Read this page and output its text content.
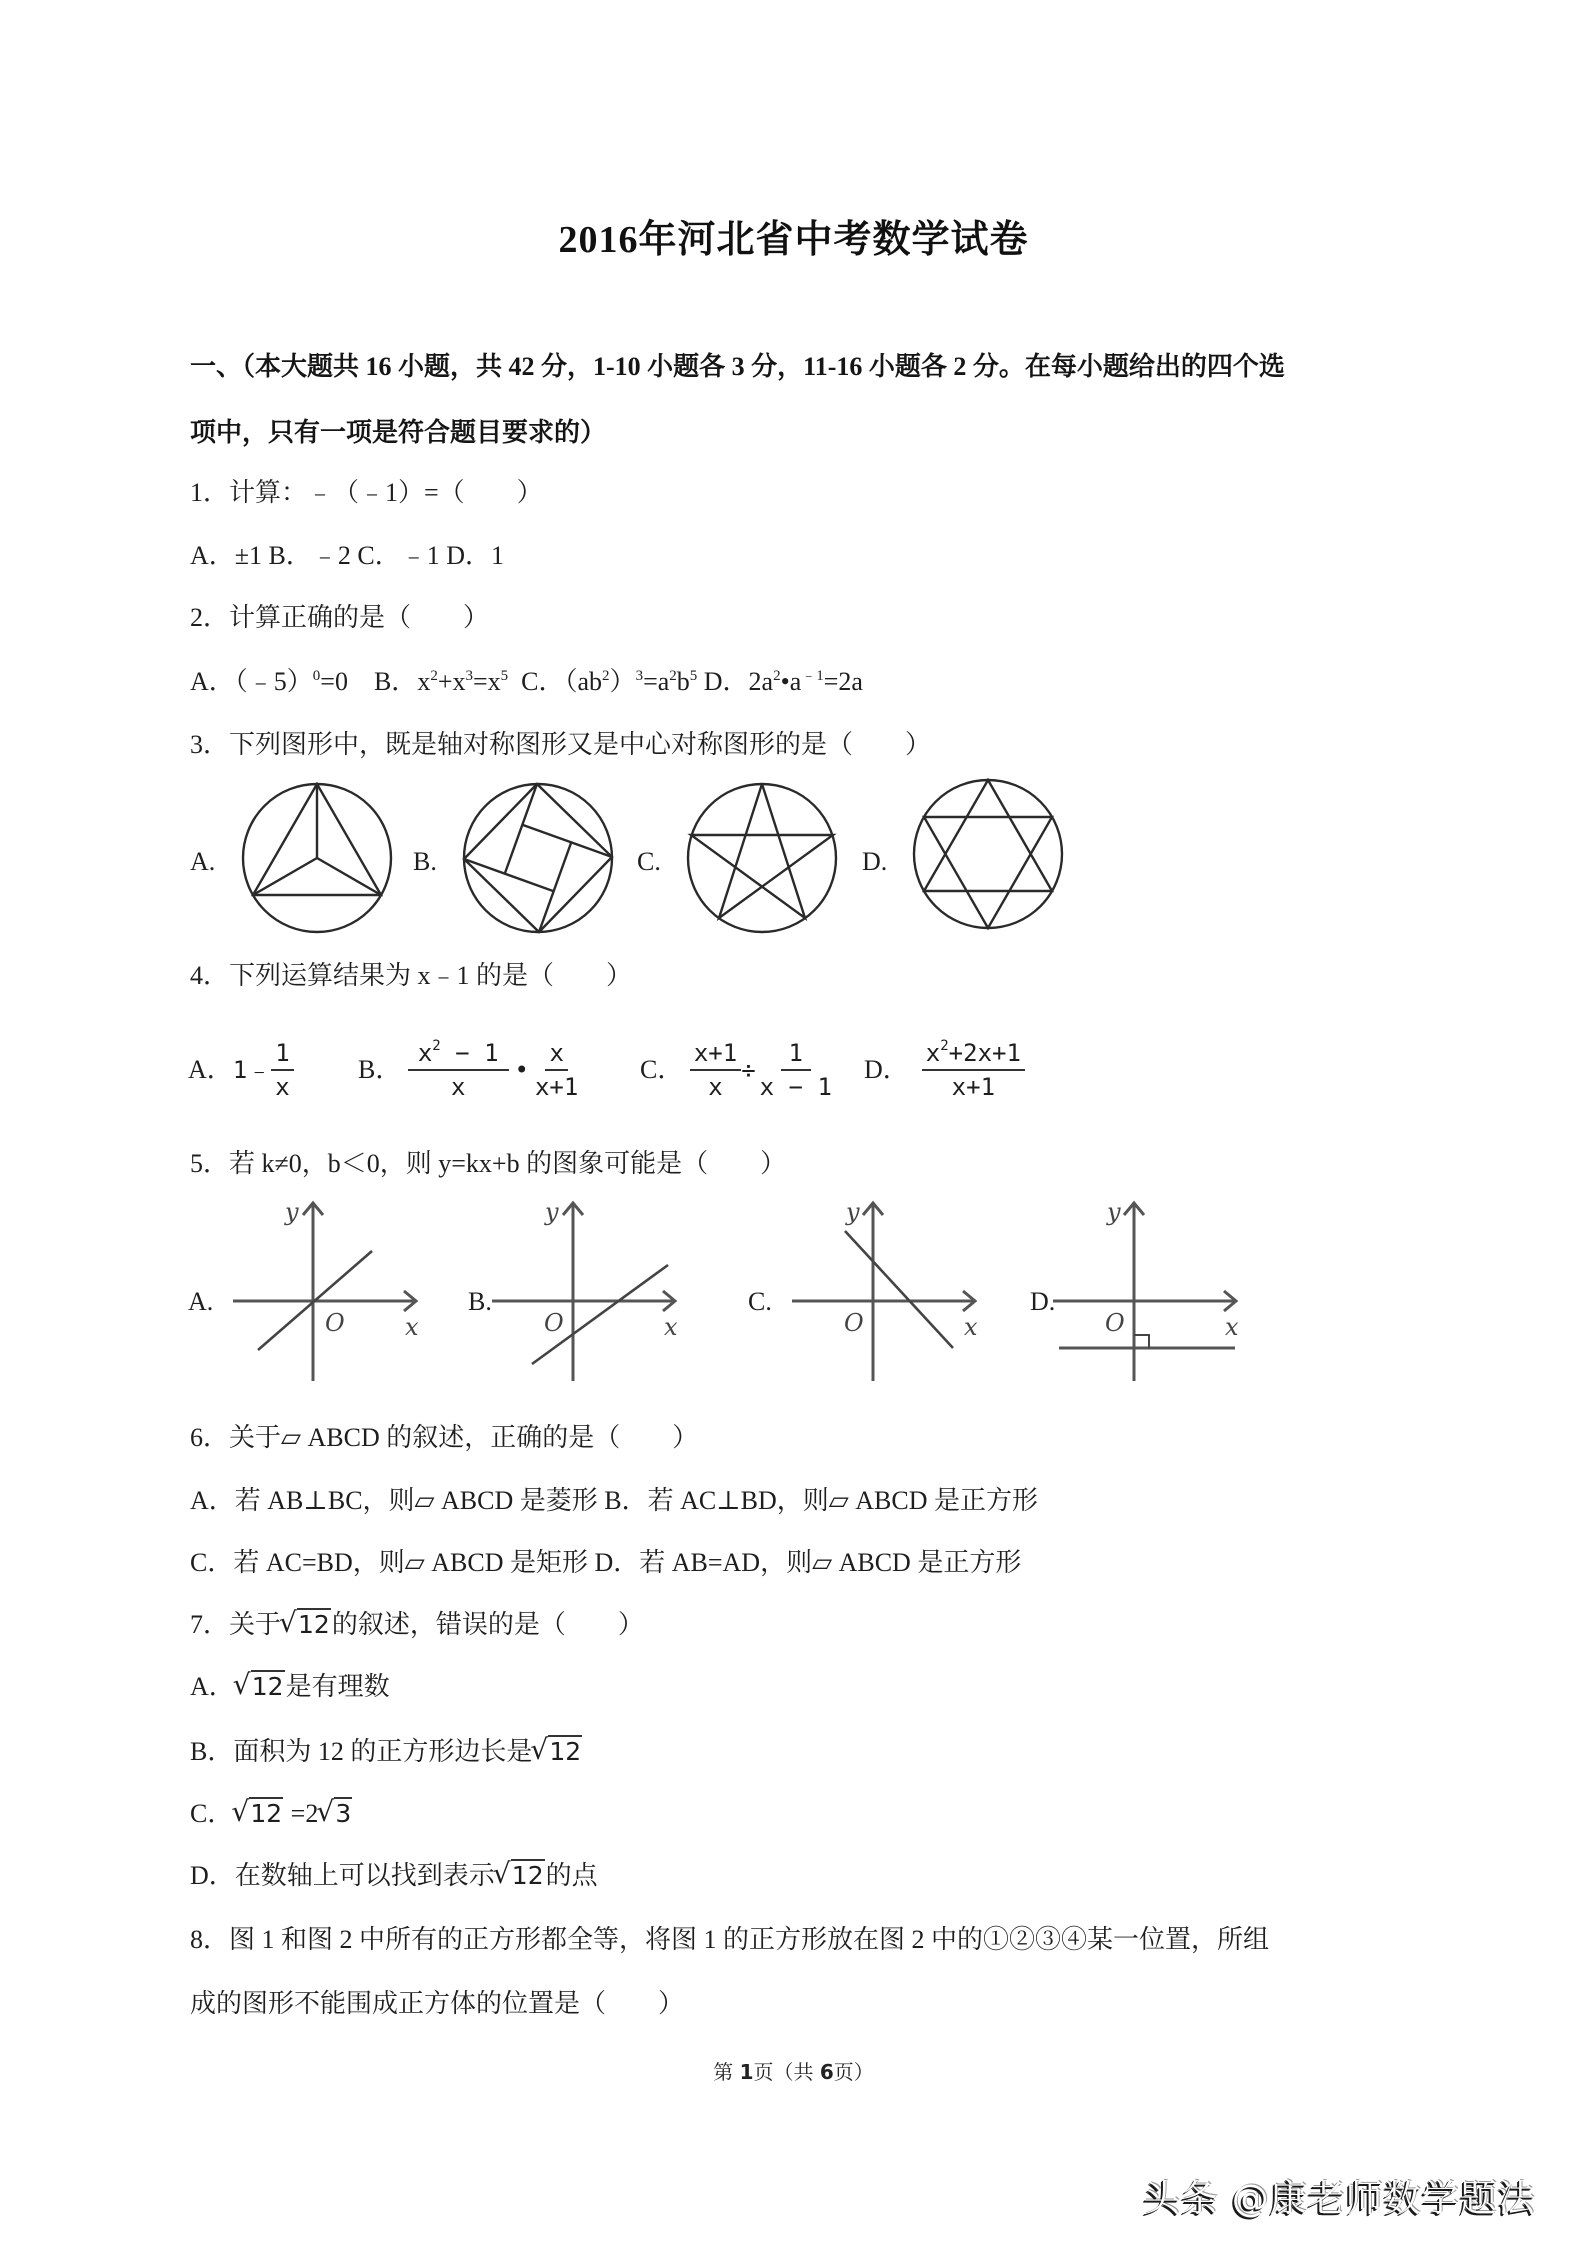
2016年河北省中考数学试卷
一、（本大题共 16 小题，共 42 分，1-10 小题各 3 分，11-16 小题各 2 分。在每小题给出的四个选
项中，只有一项是符合题目要求的）
1．计算：﹣（﹣1）=（　　）
A．±1 B．﹣2 C．﹣1 D．1
2．计算正确的是（　　）
A．（﹣5）$^0$=0 B．$x^2+x^3=x^5$ C．$(ab^2)^3=a^2b^5$ D．$2a^2•a^{﹣1}=2a$
3．下列图形中，既是轴对称图形又是中心对称图形的是（　　）
A.	B.	C.	D.
4．下列运算结果为 x﹣1 的是（　　）
A． 1﹣ $\frac{1}{x}$ B．
$\frac{x^2 - 1}{x}$ • $\frac{x}{x+1}$ C．
$\frac{x+1}{x} \div \frac{1}{x - 1}$ D．
$\frac{x^2+2x+1}{x+1}$
5．若 k≠0，b＜0，则 y=kx+b 的图象可能是（　　）
A.	B.	C.	D.
y
O	x
y
O	x
y
O	x
y
O	x
6．关于▱ ABCD 的叙述，正确的是（　　）
A．若 AB⊥BC，则▱ ABCD 是菱形 B．若 AC⊥BD，则▱ ABCD 是正方形
C．若 AC=BD，则▱ ABCD 是矩形 D．若 AB=AD，则▱ ABCD 是正方形
7．关于 √ 12的叙述，错误的是（　　）
A． √ 12是有理数
B．面积为 12 的正方形边长是 √ 12
C． √ 12 =2 √ 3
D．在数轴上可以找到表示 √ 12的点
8．图 1 和图 2 中所有的正方形都全等，将图 1 的正方形放在图 2 中的①②③④某一位置，所组
成的图形不能围成正方体的位置是（　　）
第 1页（共 6页）
头条 @康老师数学题法
